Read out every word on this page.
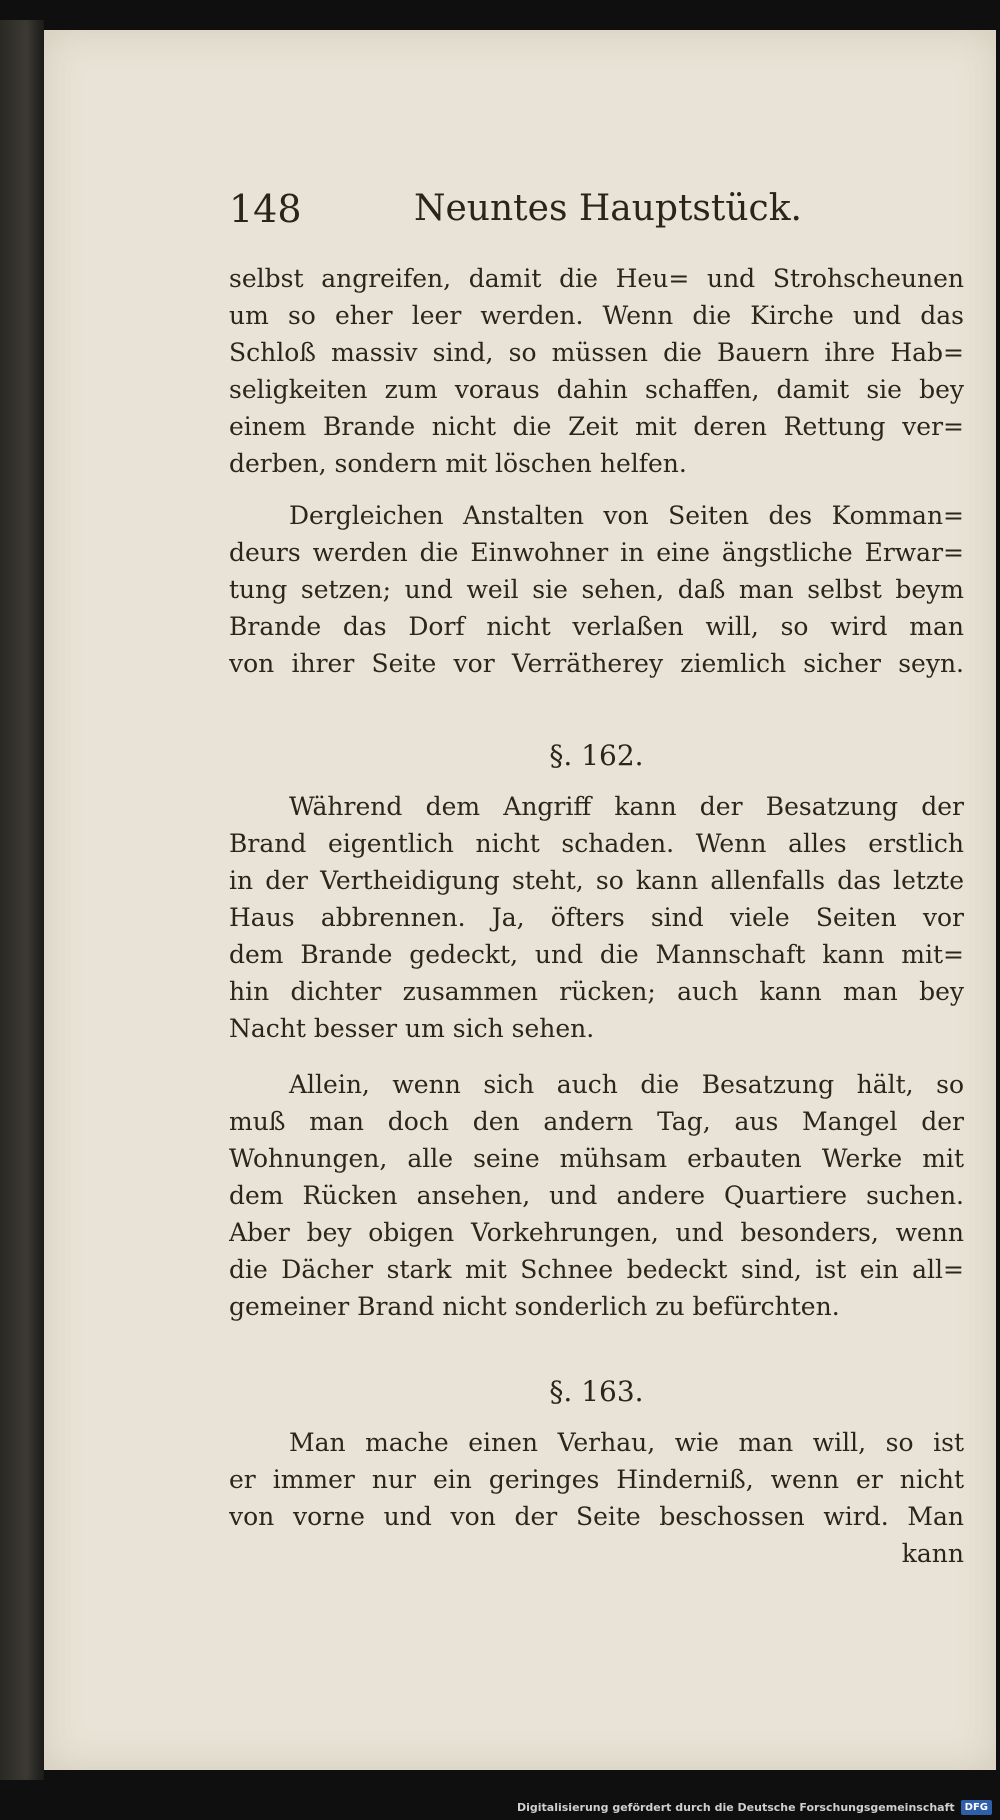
148	Neuntes Hauptstück.
selbst angreifen, damit die Heu= und Strohscheunen
um so eher leer werden. Wenn die Kirche und das
Schloß massiv sind, so müssen die Bauern ihre Hab=
seligkeiten zum voraus dahin schaffen, damit sie bey
einem Brande nicht die Zeit mit deren Rettung ver=
derben, sondern mit löschen helfen.
Dergleichen Anstalten von Seiten des Komman=
deurs werden die Einwohner in eine ängstliche Erwar=
tung setzen; und weil sie sehen, daß man selbst beym
Brande das Dorf nicht verlaßen will, so wird man
von ihrer Seite vor Verrätherey ziemlich sicher seyn.
§. 162.
Während dem Angriff kann der Besatzung der
Brand eigentlich nicht schaden. Wenn alles erstlich
in der Vertheidigung steht, so kann allenfalls das letzte
Haus abbrennen. Ja, öfters sind viele Seiten vor
dem Brande gedeckt, und die Mannschaft kann mit=
hin dichter zusammen rücken; auch kann man bey
Nacht besser um sich sehen.
Allein, wenn sich auch die Besatzung hält, so
muß man doch den andern Tag, aus Mangel der
Wohnungen, alle seine mühsam erbauten Werke mit
dem Rücken ansehen, und andere Quartiere suchen.
Aber bey obigen Vorkehrungen, und besonders, wenn
die Dächer stark mit Schnee bedeckt sind, ist ein all=
gemeiner Brand nicht sonderlich zu befürchten.
§. 163.
Man mache einen Verhau, wie man will, so ist
er immer nur ein geringes Hinderniß, wenn er nicht
von vorne und von der Seite beschossen wird. Man
kann
Digitalisierung gefördert durch die Deutsche Forschungsgemeinschaft	DFG
